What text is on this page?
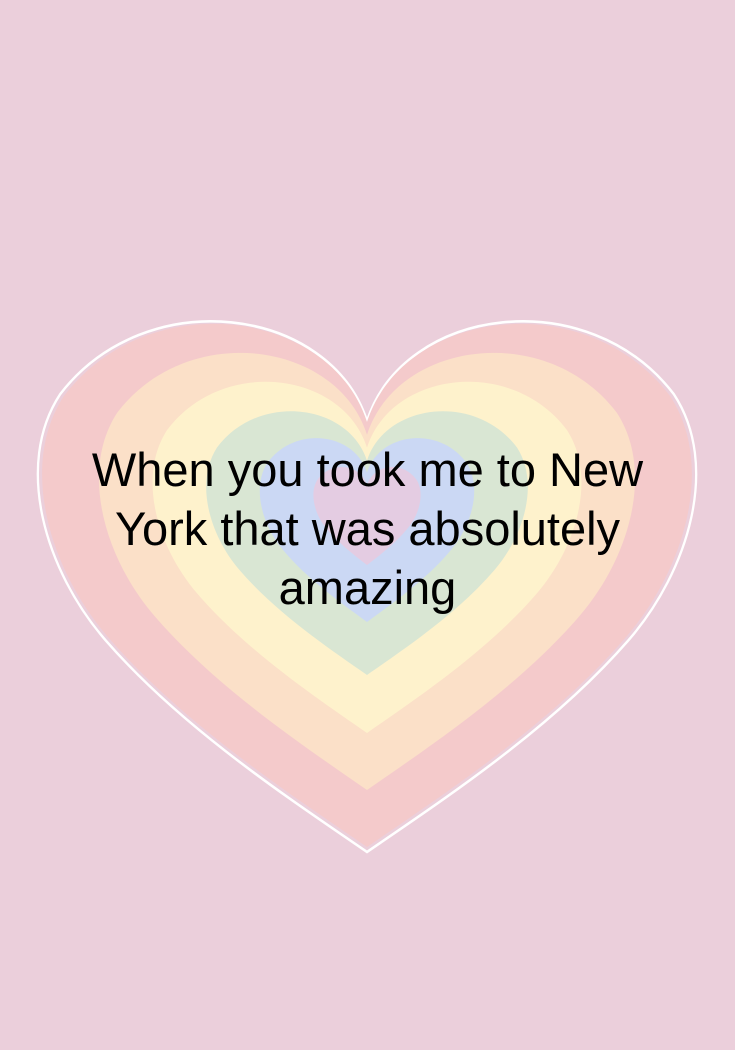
When you took me to New York that was absolutely amazing
